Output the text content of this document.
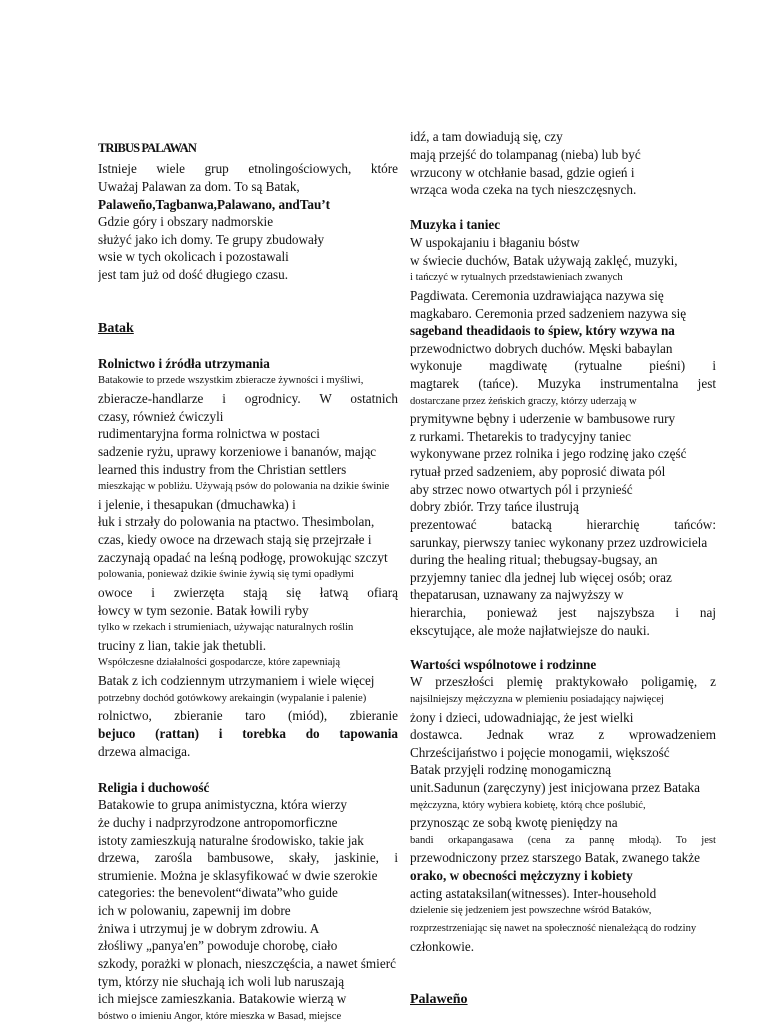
TRIBUS PALAWAN
Istnieje wiele grup etnolingościowych, które
Uważaj Palawan za dom. To są Batak,
Palaweño,Tagbanwa,Palawano, andTau’t
Gdzie góry i obszary nadmorskie
służyć jako ich domy. Te grupy zbudowały
wsie w tych okolicach i pozostawali
jest tam już od dość długiego czasu.
Batak
Rolnictwo i źródła utrzymania
Batakowie to przede wszystkim zbieracze żywności i myśliwi,
zbieracze-handlarze i ogrodnicy. W ostatnich
czasy, również ćwiczyli
rudimentaryjna forma rolnictwa w postaci
sadzenie ryżu, uprawy korzeniowe i bananów, mając
learned this industry from the Christian settlers
mieszkając w pobliżu. Używają psów do polowania na dzikie świnie
i jelenie, i thesapukan (dmuchawka) i
łuk i strzały do polowania na ptactwo. Thesimbolan,
czas, kiedy owoce na drzewach stają się przejrzałe i
zaczynają opadać na leśną podłogę, prowokując szczyt
polowania, ponieważ dzikie świnie żywią się tymi opadłymi
owoce i zwierzęta stają się łatwą ofiarą
łowcy w tym sezonie. Batak łowili ryby
tylko w rzekach i strumieniach, używając naturalnych roślin
truciny z lian, takie jak thetubli.
Współczesne działalności gospodarcze, które zapewniają
Batak z ich codziennym utrzymaniem i wiele więcej
potrzebny dochód gotówkowy arekaingin (wypalanie i palenie)
rolnictwo, zbieranie taro (miód), zbieranie
bejuco (rattan) i torebka do tapowania
drzewa almaciga.
Religia i duchowość
Batakowie to grupa animistyczna, która wierzy
że duchy i nadprzyrodzone antropomorficzne
istoty zamieszkują naturalne środowisko, takie jak
drzewa, zarośla bambusowe, skały, jaskinie, i
strumienie. Można je sklasyfikować w dwie szerokie
categories: the benevolent“diwata”who guide
ich w polowaniu, zapewnij im dobre
żniwa i utrzymuj je w dobrym zdrowiu. A
złośliwy „panya'en” powoduje chorobę, ciało
szkody, porażki w plonach, nieszczęścia, a nawet śmierć
tym, którzy nie słuchają ich woli lub naruszają
ich miejsce zamieszkania. Batakowie wierzą w
bóstwo o imieniu Angor, które mieszka w Basad, miejsce
idź, a tam dowiadują się, czy
mają przejść do tolampanag (nieba) lub być
wrzucony w otchłanie basad, gdzie ogień i
wrząca woda czeka na tych nieszczęsnych.
Muzyka i taniec
W uspokajaniu i błaganiu bóstw
w świecie duchów, Batak używają zaklęć, muzyki,
i tańczyć w rytualnych przedstawieniach zwanych
Pagdiwata. Ceremonia uzdrawiająca nazywa się
magkabaro. Ceremonia przed sadzeniem nazywa się
sageband theadidaois to śpiew, który wzywa na
przewodnictwo dobrych duchów. Męski babaylan
wykonuje magdiwatę (rytualne pieśni) i
magtarek (tańce). Muzyka instrumentalna jest
dostarczane przez żeńskich graczy, którzy uderzają w
prymitywne bębny i uderzenie w bambusowe rury
z rurkami. Thetarekis to tradycyjny taniec
wykonywane przez rolnika i jego rodzinę jako część
rytuał przed sadzeniem, aby poprosić diwata pól
aby strzec nowo otwartych pól i przynieść
dobry zbiór. Trzy tańce ilustrują
prezentować batacką hierarchię tańców:
sarunkay, pierwszy taniec wykonany przez uzdrowiciela
during the healing ritual; thebugsay-bugsay, an
przyjemny taniec dla jednej lub więcej osób; oraz
thepatarusan, uznawany za najwyższy w
hierarchia, ponieważ jest najszybsza i naj
ekscytujące, ale może najłatwiejsze do nauki.
Wartości wspólnotowe i rodzinne
W przeszłości plemię praktykowało poligamię, z
najsilniejszy mężczyzna w plemieniu posiadający najwięcej
żony i dzieci, udowadniając, że jest wielki
dostawca. Jednak wraz z wprowadzeniem
Chrześcijaństwo i pojęcie monogamii, większość
Batak przyjęli rodzinę monogamiczną
unit.Sadunun (zaręczyny) jest inicjowana przez Bataka
mężczyzna, który wybiera kobietę, którą chce poślubić,
przynosząc ze sobą kwotę pieniędzy na
bandi orkapangasawa (cena za pannę młodą). To jest
przewodniczony przez starszego Batak, zwanego także
orako, w obecności mężczyzny i kobiety
acting astataksilan(witnesses). Inter-household
dzielenie się jedzeniem jest powszechne wśród Bataków,
rozprzestrzeniając się nawet na społeczność nienależącą do rodziny
członkowie.
Palaweño
